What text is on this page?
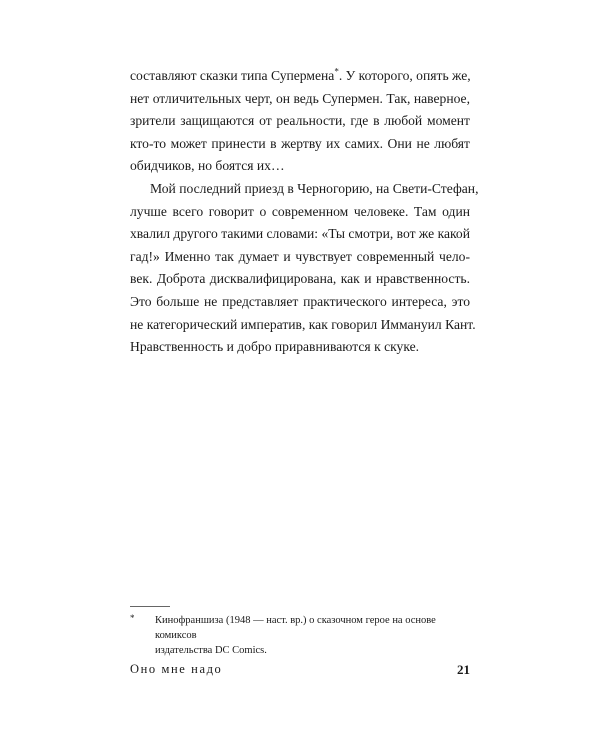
составляют сказки типа Супермена*. У которого, опять же,
нет отличительных черт, он ведь Супермен. Так, наверное,
зрители защищаются от реальности, где в любой момент
кто-то может принести в жертву их самих. Они не любят
обидчиков, но боятся их…

Мой последний приезд в Черногорию, на Свети-Стефан,
лучше всего говорит о современном человеке. Там один
хвалил другого такими словами: «Ты смотри, вот же какой
гад!» Именно так думает и чувствует современный чело-
век. Доброта дисквалифицирована, как и нравственность.
Это больше не представляет практического интереса, это
не категорический императив, как говорил Иммануил Кант.
Нравственность и добро приравниваются к скуке.

* Кинофраншиза (1948 — наст. вр.) о сказочном герое на основе комиксов
издательства DC Comics.
Оно мне надо	21
